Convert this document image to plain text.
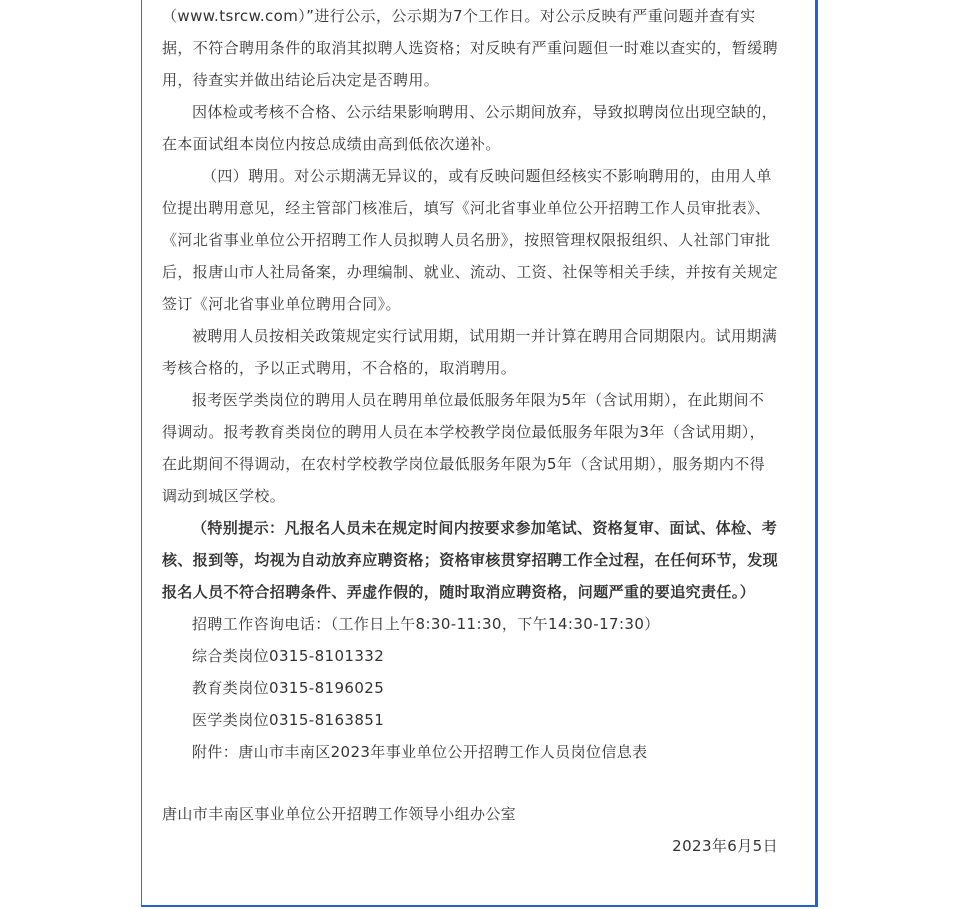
（www.tsrcw.com）”进行公示，公示期为7个工作日。对公示反映有严重问题并查有实据，不符合聘用条件的取消其拟聘人选资格；对反映有严重问题但一时难以查实的，暂缓聘用，待查实并做出结论后决定是否聘用。

因体检或考核不合格、公示结果影响聘用、公示期间放弃，导致拟聘岗位出现空缺的，在本面试组本岗位内按总成绩由高到低依次递补。

（四）聘用。对公示期满无异议的，或有反映问题但经核实不影响聘用的，由用人单位提出聘用意见，经主管部门核准后，填写《河北省事业单位公开招聘工作人员审批表》、《河北省事业单位公开招聘工作人员拟聘人员名册》，按照管理权限报组织、人社部门审批后，报唐山市人社局备案，办理编制、就业、流动、工资、社保等相关手续，并按有关规定签订《河北省事业单位聘用合同》。

被聘用人员按相关政策规定实行试用期，试用期一并计算在聘用合同期限内。试用期满考核合格的，予以正式聘用，不合格的，取消聘用。

报考医学类岗位的聘用人员在聘用单位最低服务年限为5年（含试用期），在此期间不得调动。报考教育类岗位的聘用人员在本学校教学岗位最低服务年限为3年（含试用期），在此期间不得调动，在农村学校教学岗位最低服务年限为5年（含试用期），服务期内不得调动到城区学校。

（特别提示：凡报名人员未在规定时间内按要求参加笔试、资格复审、面试、体检、考核、报到等，均视为自动放弃应聘资格；资格审核贯穿招聘工作全过程，在任何环节，发现报名人员不符合招聘条件、弄虚作假的，随时取消应聘资格，问题严重的要追究责任。）

招聘工作咨询电话：（工作日上午8:30-11:30，下午14:30-17:30）

综合类岗位0315-8101332

教育类岗位0315-8196025

医学类岗位0315-8163851

附件：唐山市丰南区2023年事业单位公开招聘工作人员岗位信息表

唐山市丰南区事业单位公开招聘工作领导小组办公室

2023年6月5日
